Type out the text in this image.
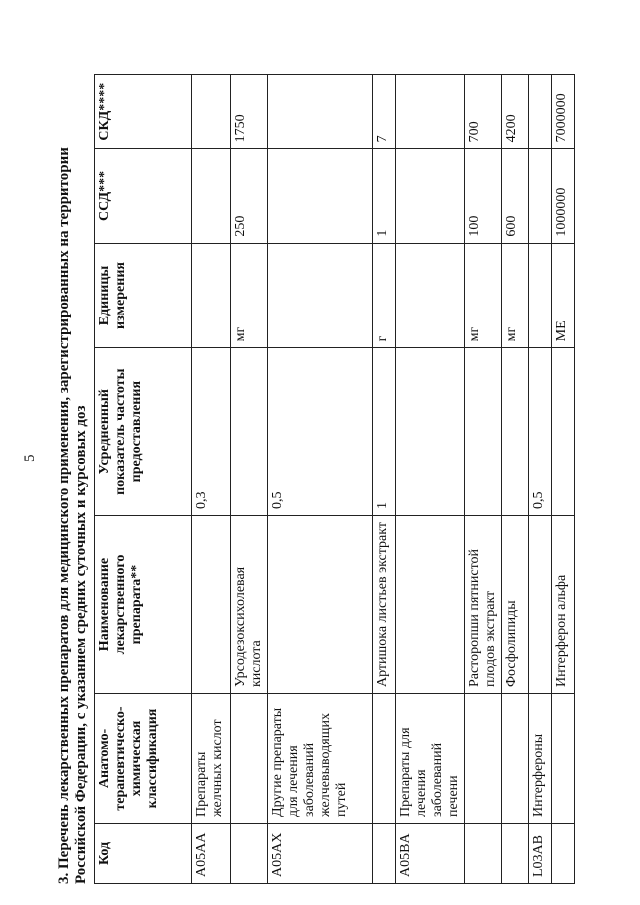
5 3. Перечень лекарственных препаратов для медицинского применения, зарегистрированных на территории Российской Федерации, с указанием средних суточных и курсовых доз Код	Анатомо-терапевтическо-химическая классификация	Наименование лекарственного препарата**	Усредненный показатель частоты предоставления	Единицы измерения	ССД***	СКД****
A05AA	Препараты желчных кислот		0,3			
		Урсодезоксихолевая кислота		мг	250	1750
A05AX	Другие препараты для лечения заболеваний желчевыводящих путей		0,5			
		Артишока листьев экстракт	1	г	1	7
A05BA	Препараты для лечения заболеваний печени					
		Расторопши пятнистой плодов экстракт		мг	100	700
		Фосфолипиды		мг	600	4200
L03AB	Интерфероны		0,5			
		Интерферон альфа		МЕ	1000000	7000000
